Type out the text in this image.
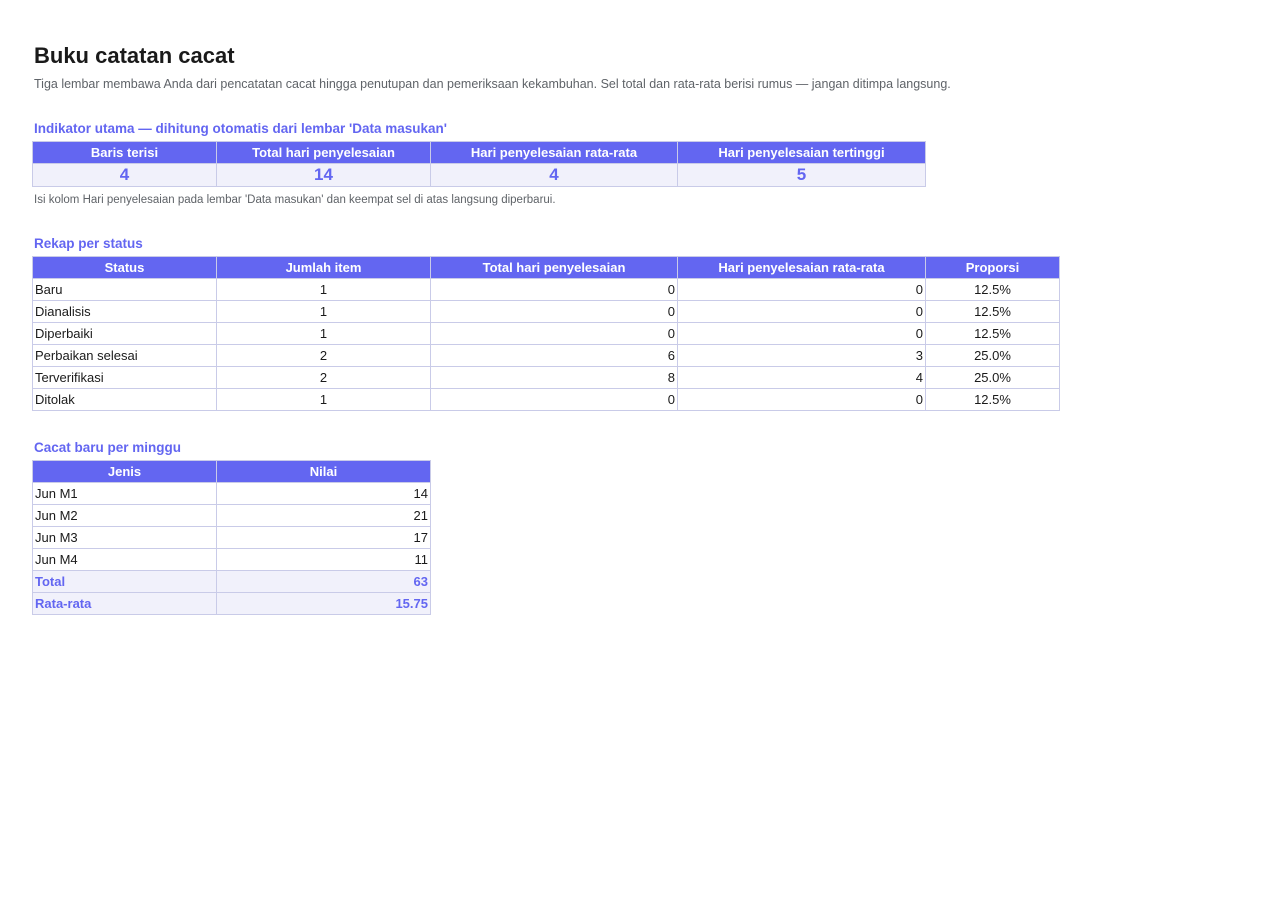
Buku catatan cacat

Tiga lembar membawa Anda dari pencatatan cacat hingga penutupan dan pemeriksaan kekambuhan. Sel total dan rata-rata berisi rumus — jangan ditimpa langsung.

Indikator utama — dihitung otomatis dari lembar 'Data masukan'
Baris terisi	Total hari penyelesaian	Hari penyelesaian rata-rata	Hari penyelesaian tertinggi
4	14	4	5

Isi kolom Hari penyelesaian pada lembar 'Data masukan' dan keempat sel di atas langsung diperbarui.

Rekap per status
Status	Jumlah item	Total hari penyelesaian	Hari penyelesaian rata-rata	Proporsi
Baru	1	0	0	12.5%
Dianalisis	1	0	0	12.5%
Diperbaiki	1	0	0	12.5%
Perbaikan selesai	2	6	3	25.0%
Terverifikasi	2	8	4	25.0%
Ditolak	1	0	0	12.5%
Cacat baru per minggu
Jenis	Nilai
Jun M1	14
Jun M2	21
Jun M3	17
Jun M4	11
Total	63
Rata-rata	15.75
